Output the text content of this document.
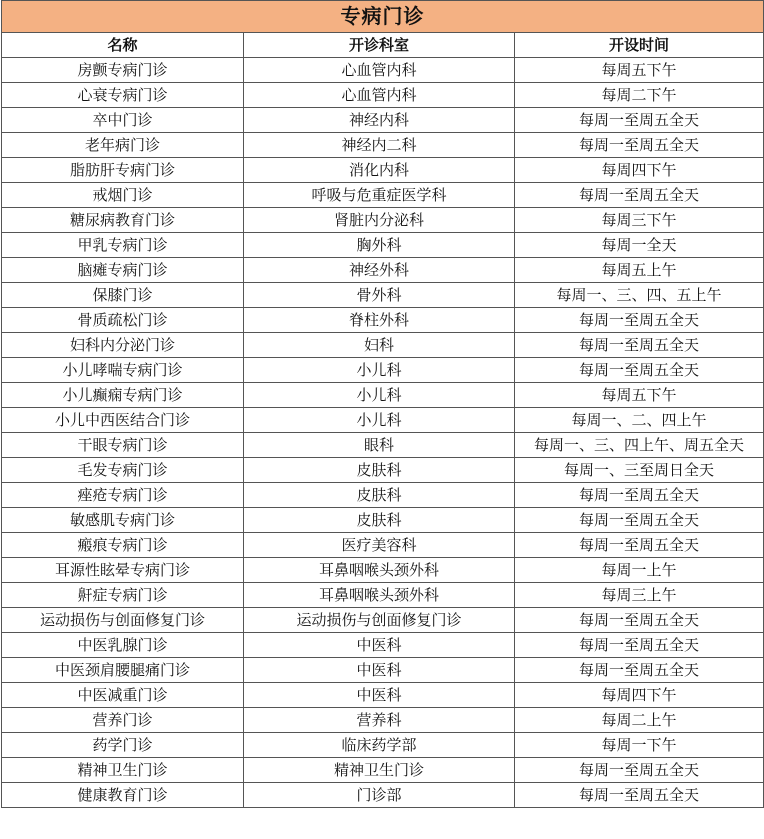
专病门诊		
名称	开诊科室	开设时间
房颤专病门诊	心血管内科	每周五下午
心衰专病门诊	心血管内科	每周二下午
卒中门诊	神经内科	每周一至周五全天
老年病门诊	神经内二科	每周一至周五全天
脂肪肝专病门诊	消化内科	每周四下午
戒烟门诊	呼吸与危重症医学科	每周一至周五全天
糖尿病教育门诊	肾脏内分泌科	每周三下午
甲乳专病门诊	胸外科	每周一全天
脑瘫专病门诊	神经外科	每周五上午
保膝门诊	骨外科	每周一、三、四、五上午
骨质疏松门诊	脊柱外科	每周一至周五全天
妇科内分泌门诊	妇科	每周一至周五全天
小儿哮喘专病门诊	小儿科	每周一至周五全天
小儿癫痫专病门诊	小儿科	每周五下午
小儿中西医结合门诊	小儿科	每周一、二、四上午
干眼专病门诊	眼科	每周一、三、四上午、周五全天
毛发专病门诊	皮肤科	每周一、三至周日全天
痤疮专病门诊	皮肤科	每周一至周五全天
敏感肌专病门诊	皮肤科	每周一至周五全天
瘢痕专病门诊	医疗美容科	每周一至周五全天
耳源性眩晕专病门诊	耳鼻咽喉头颈外科	每周一上午
鼾症专病门诊	耳鼻咽喉头颈外科	每周三上午
运动损伤与创面修复门诊	运动损伤与创面修复门诊	每周一至周五全天
中医乳腺门诊	中医科	每周一至周五全天
中医颈肩腰腿痛门诊	中医科	每周一至周五全天
中医减重门诊	中医科	每周四下午
营养门诊	营养科	每周二上午
药学门诊	临床药学部	每周一下午
精神卫生门诊	精神卫生门诊	每周一至周五全天
健康教育门诊	门诊部	每周一至周五全天
